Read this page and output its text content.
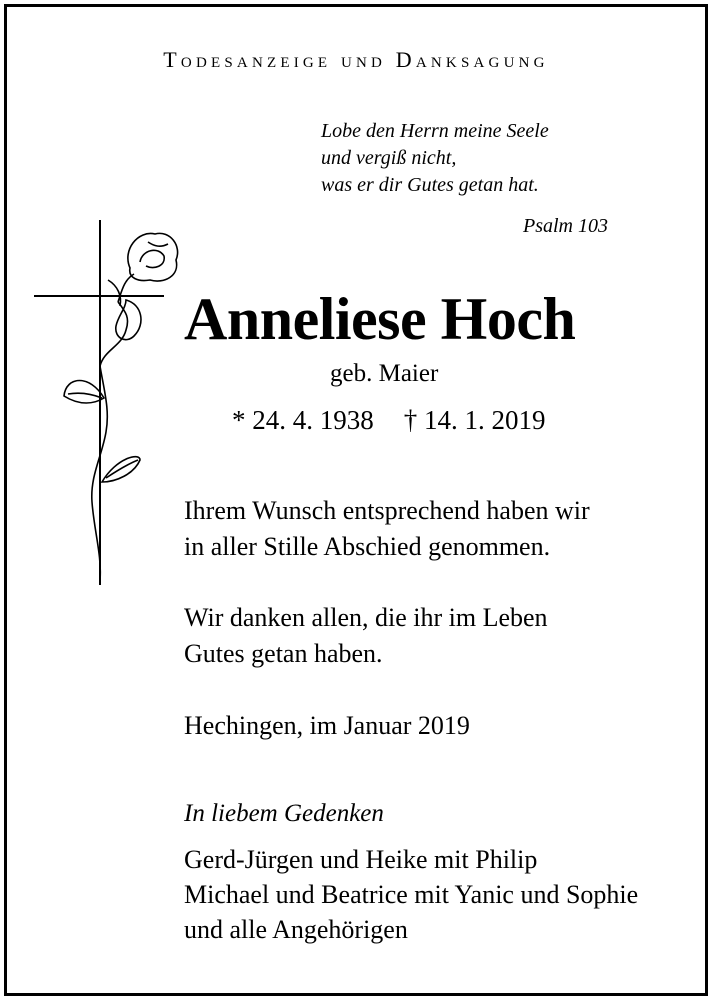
Todesanzeige und Danksagung
Lobe den Herrn meine Seele
und vergiß nicht,
was er dir Gutes getan hat.
Psalm 103
Anneliese Hoch
geb. Maier
* 24. 4. 1938 † 14. 1. 2019
Ihrem Wunsch entsprechend haben wir
in aller Stille Abschied genommen.
Wir danken allen, die ihr im Leben
Gutes getan haben.
Hechingen, im Januar 2019
In liebem Gedenken
Gerd-Jürgen und Heike mit Philip
Michael und Beatrice mit Yanic und Sophie
und alle Angehörigen
